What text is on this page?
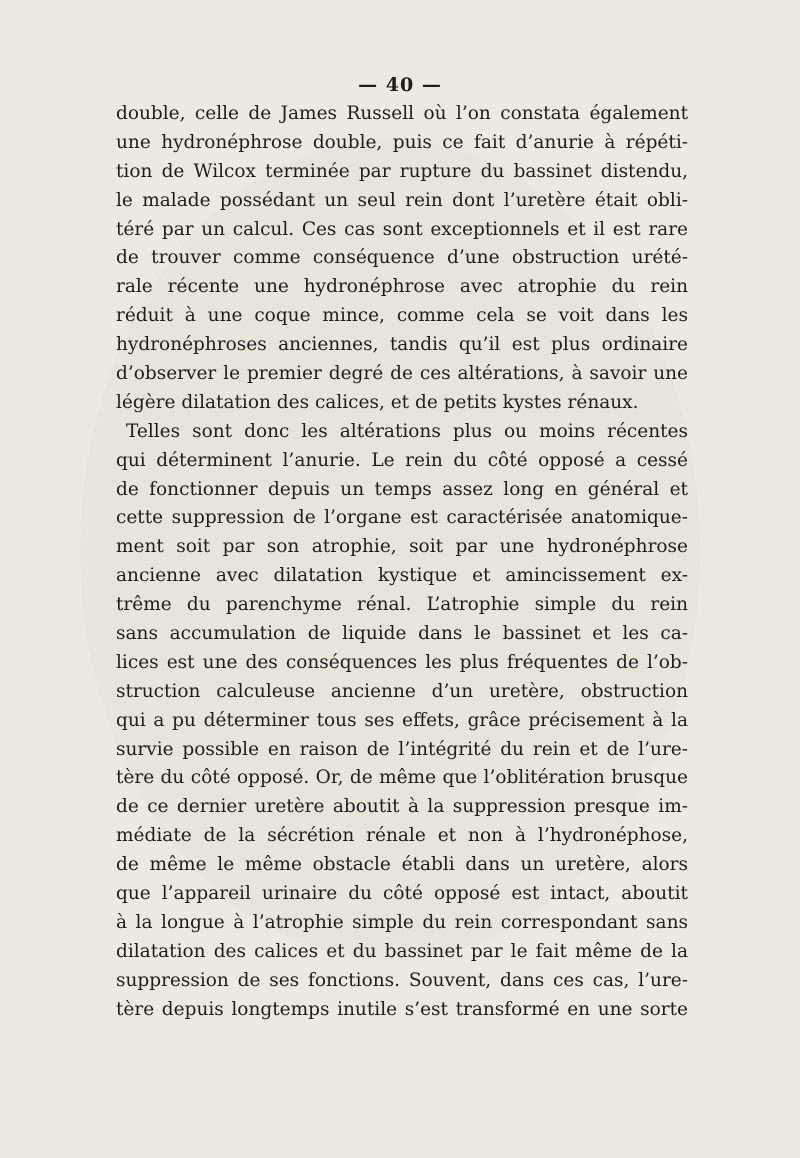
— 40 —
double, celle de James Russell où l’on constata également
une hydronéphrose double, puis ce fait d’anurie à répéti-
tion de Wilcox terminée par rupture du bassinet distendu,
le malade possédant un seul rein dont l’uretère était obli-
téré par un calcul. Ces cas sont exceptionnels et il est rare
de trouver comme conséquence d’une obstruction urété-
rale récente une hydronéphrose avec atrophie du rein
réduit à une coque mince, comme cela se voit dans les
hydronéphroses anciennes, tandis qu’il est plus ordinaire
d’observer le premier degré de ces altérations, à savoir une
légère dilatation des calices, et de petits kystes rénaux.
Telles sont donc les altérations plus ou moins récentes
qui déterminent l’anurie. Le rein du côté opposé a cessé
de fonctionner depuis un temps assez long en général et
cette suppression de l’organe est caractérisée anatomique-
ment soit par son atrophie, soit par une hydronéphrose
ancienne avec dilatation kystique et amincissement ex-
trême du parenchyme rénal. L’atrophie simple du rein
sans accumulation de liquide dans le bassinet et les ca-
lices est une des conséquences les plus fréquentes de l’ob-
struction calculeuse ancienne d’un uretère, obstruction
qui a pu déterminer tous ses effets, grâce précisement à la
survie possible en raison de l’intégrité du rein et de l’ure-
tère du côté opposé. Or, de même que l’oblitération brusque
de ce dernier uretère aboutit à la suppression presque im-
médiate de la sécrétion rénale et non à l’hydronéphose,
de même le même obstacle établi dans un uretère, alors
que l’appareil urinaire du côté opposé est intact, aboutit
à la longue à l’atrophie simple du rein correspondant sans
dilatation des calices et du bassinet par le fait même de la
suppression de ses fonctions. Souvent, dans ces cas, l’ure-
tère depuis longtemps inutile s’est transformé en une sorte
